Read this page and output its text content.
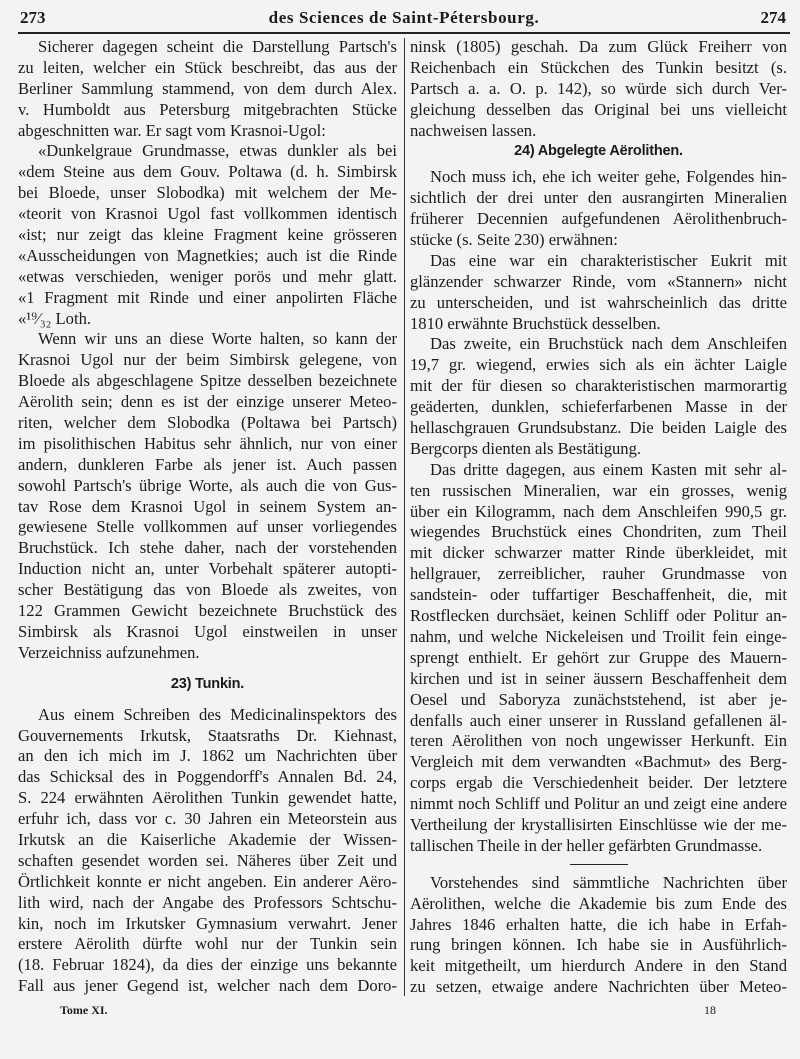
273	des Sciences de Saint-Pétersbourg.	274
Sicherer dagegen scheint die Darstellung Partsch's
zu leiten, welcher ein Stück beschreibt, das aus der
Berliner Sammlung stammend, von dem durch Alex.
v. Humboldt aus Petersburg mitgebrachten Stücke
abgeschnitten war. Er sagt vom Krasnoi-Ugol:
«Dunkelgraue Grundmasse, etwas dunkler als bei
«dem Steine aus dem Gouv. Poltawa (d. h. Simbirsk
bei Bloede, unser Slobodka) mit welchem der Me-
«teorit von Krasnoi Ugol fast vollkommen identisch
«ist; nur zeigt das kleine Fragment keine grösseren
«Ausscheidungen von Magnetkies; auch ist die Rinde
«etwas verschieden, weniger porös und mehr glatt.
«1 Fragment mit Rinde und einer anpolirten Fläche
«¹⁹⁄₃₂ Loth.
Wenn wir uns an diese Worte halten, so kann der
Krasnoi Ugol nur der beim Simbirsk gelegene, von
Bloede als abgeschlagene Spitze desselben bezeichnete
Aërolith sein; denn es ist der einzige unserer Meteo-
riten, welcher dem Slobodka (Poltawa bei Partsch)
im pisolithischen Habitus sehr ähnlich, nur von einer
andern, dunkleren Farbe als jener ist. Auch passen
sowohl Partsch's übrige Worte, als auch die von Gus-
tav Rose dem Krasnoi Ugol in seinem System an-
gewiesene Stelle vollkommen auf unser vorliegendes
Bruchstück. Ich stehe daher, nach der vorstehenden
Induction nicht an, unter Vorbehalt späterer autopti-
scher Bestätigung das von Bloede als zweites, von
122 Grammen Gewicht bezeichnete Bruchstück des
Simbirsk als Krasnoi Ugol einstweilen in unser
Verzeichniss aufzunehmen.
23) Tunkin.
Aus einem Schreiben des Medicinalinspektors des
Gouvernements Irkutsk, Staatsraths Dr. Kiehnast,
an den ich mich im J. 1862 um Nachrichten über
das Schicksal des in Poggendorff's Annalen Bd. 24,
S. 224 erwähnten Aërolithen Tunkin gewendet hatte,
erfuhr ich, dass vor c. 30 Jahren ein Meteorstein aus
Irkutsk an die Kaiserliche Akademie der Wissen-
schaften gesendet worden sei. Näheres über Zeit und
Örtlichkeit konnte er nicht angeben. Ein anderer Aëro-
lith wird, nach der Angabe des Professors Schtschu-
kin, noch im Irkutsker Gymnasium verwahrt. Jener
erstere Aërolith dürfte wohl nur der Tunkin sein
(18. Februar 1824), da dies der einzige uns bekannte
Fall aus jener Gegend ist, welcher nach dem Doro-
ninsk (1805) geschah. Da zum Glück Freiherr von
Reichenbach ein Stückchen des Tunkin besitzt (s.
Partsch a. a. O. p. 142), so würde sich durch Ver-
gleichung desselben das Original bei uns vielleicht
nachweisen lassen.
24) Abgelegte Aërolithen.
Noch muss ich, ehe ich weiter gehe, Folgendes hin-
sichtlich der drei unter den ausrangirten Mineralien
früherer Decennien aufgefundenen Aërolithenbruch-
stücke (s. Seite 230) erwähnen:
Das eine war ein charakteristischer Eukrit mit
glänzender schwarzer Rinde, vom «Stannern» nicht
zu unterscheiden, und ist wahrscheinlich das dritte
1810 erwähnte Bruchstück desselben.
Das zweite, ein Bruchstück nach dem Anschleifen
19,7 gr. wiegend, erwies sich als ein ächter Laigle
mit der für diesen so charakteristischen marmorartig
geäderten, dunklen, schieferfarbenen Masse in der
hellaschgrauen Grundsubstanz. Die beiden Laigle des
Bergcorps dienten als Bestätigung.
Das dritte dagegen, aus einem Kasten mit sehr al-
ten russischen Mineralien, war ein grosses, wenig
über ein Kilogramm, nach dem Anschleifen 990,5 gr.
wiegendes Bruchstück eines Chondriten, zum Theil
mit dicker schwarzer matter Rinde überkleidet, mit
hellgrauer, zerreiblicher, rauher Grundmasse von
sandstein- oder tuffartiger Beschaffenheit, die, mit
Rostflecken durchsäet, keinen Schliff oder Politur an-
nahm, und welche Nickeleisen und Troilit fein einge-
sprengt enthielt. Er gehört zur Gruppe des Mauern-
kirchen und ist in seiner äussern Beschaffenheit dem
Oesel und Saboryza zunächststehend, ist aber je-
denfalls auch einer unserer in Russland gefallenen äl-
teren Aërolithen von noch ungewisser Herkunft. Ein
Vergleich mit dem verwandten «Bachmut» des Berg-
corps ergab die Verschiedenheit beider. Der letztere
nimmt noch Schliff und Politur an und zeigt eine andere
Vertheilung der krystallisirten Einschlüsse wie der me-
tallischen Theile in der heller gefärbten Grundmasse.
Vorstehendes sind sämmtliche Nachrichten über
Aërolithen, welche die Akademie bis zum Ende des
Jahres 1846 erhalten hatte, die ich habe in Erfah-
rung bringen können. Ich habe sie in Ausführlich-
keit mitgetheilt, um hierdurch Andere in den Stand
zu setzen, etwaige andere Nachrichten über Meteo-
Tome XI.	18
